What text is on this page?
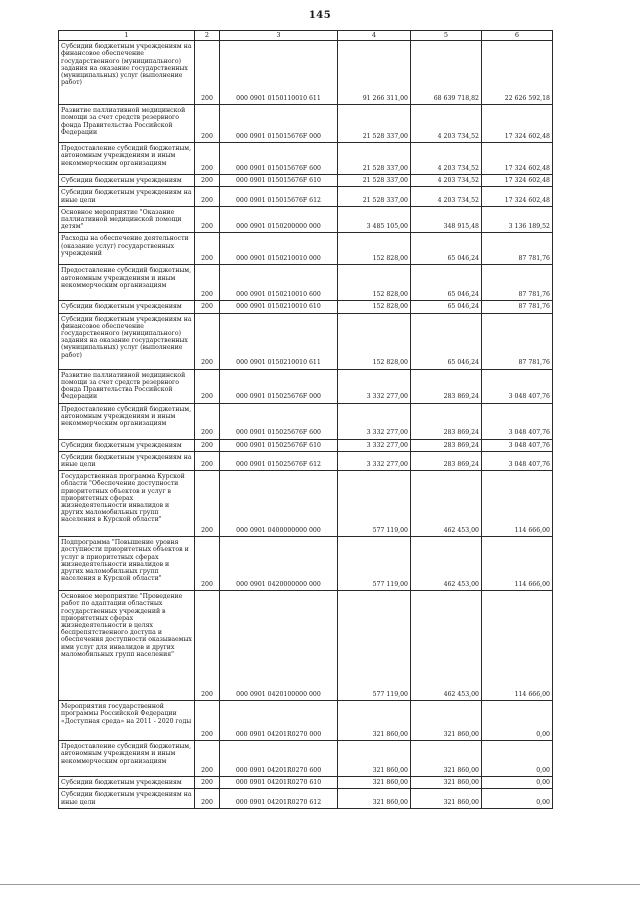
145
1	2	3	4	5	6
Субсидии бюджетным учреждениям на финансовое обеспечение государственного (муниципального) задания на оказание государственных (муниципальных) услуг (выполнение работ)	200	000 0901 0150110010 611	91 266 311,00	68 639 718,82	22 626 592,18
Развитие паллиативной медицинской помощи за счет средств резервного фонда Правительства Российской Федерации	200	000 0901 015015676F 000	21 528 337,00	4 203 734,52	17 324 602,48
Предоставление субсидий бюджетным, автономным учреждениям и иным некоммерческим организациям	200	000 0901 015015676F 600	21 528 337,00	4 203 734,52	17 324 602,48
Субсидии бюджетным учреждениям	200	000 0901 015015676F 610	21 528 337,00	4 203 734,52	17 324 602,48
Субсидии бюджетным учреждениям на иные цели	200	000 0901 015015676F 612	21 528 337,00	4 203 734,52	17 324 602,48
Основное мероприятие "Оказание паллиативной медицинской помощи детям"	200	000 0901 0150200000 000	3 485 105,00	348 915,48	3 136 189,52
Расходы на обеспечение деятельности (оказание услуг) государственных учреждений	200	000 0901 0150210010 000	152 828,00	65 046,24	87 781,76
Предоставление субсидий бюджетным, автономным учреждениям и иным некоммерческим организациям	200	000 0901 0150210010 600	152 828,00	65 046,24	87 781,76
Субсидии бюджетным учреждениям	200	000 0901 0150210010 610	152 828,00	65 046,24	87 781,76
Субсидии бюджетным учреждениям на финансовое обеспечение государственного (муниципального) задания на оказание государственных (муниципальных) услуг (выполнение работ)	200	000 0901 0150210010 611	152 828,00	65 046,24	87 781,76
Развитие паллиативной медицинской помощи за счет средств резервного фонда Правительства Российской Федерации	200	000 0901 015025676F 000	3 332 277,00	283 869,24	3 048 407,76
Предоставление субсидий бюджетным, автономным учреждениям и иным некоммерческим организациям	200	000 0901 015025676F 600	3 332 277,00	283 869,24	3 048 407,76
Субсидии бюджетным учреждениям	200	000 0901 015025676F 610	3 332 277,00	283 869,24	3 048 407,76
Субсидии бюджетным учреждениям на иные цели	200	000 0901 015025676F 612	3 332 277,00	283 869,24	3 048 407,76
Государственная программа Курской области "Обеспечение доступности приоритетных объектов и услуг в приоритетных сферах жизнедеятельности инвалидов и других маломобильных групп населения в Курской области"	200	000 0901 0400000000 000	577 119,00	462 453,00	114 666,00
Подпрограмма "Повышение уровня доступности приоритетных объектов и услуг в приоритетных сферах жизнедеятельности инвалидов и других маломобильных групп населения в Курской области"	200	000 0901 0420000000 000	577 119,00	462 453,00	114 666,00
Основное мероприятие "Проведение работ по адаптации областных государственных учреждений в приоритетных сферах жизнедеятельности в целях беспрепятственного доступа и обеспечения доступности оказываемых ими услуг для инвалидов и других маломобильных групп населения"	200	000 0901 0420100000 000	577 119,00	462 453,00	114 666,00
Мероприятия государственной программы Российской Федерации «Доступная среда» на 2011 - 2020 годы	200	000 0901 04201R0270 000	321 860,00	321 860,00	0,00
Предоставление субсидий бюджетным, автономным учреждениям и иным некоммерческим организациям	200	000 0901 04201R0270 600	321 860,00	321 860,00	0,00
Субсидии бюджетным учреждениям	200	000 0901 04201R0270 610	321 860,00	321 860,00	0,00
Субсидии бюджетным учреждениям на иные цели	200	000 0901 04201R0270 612	321 860,00	321 860,00	0,00
